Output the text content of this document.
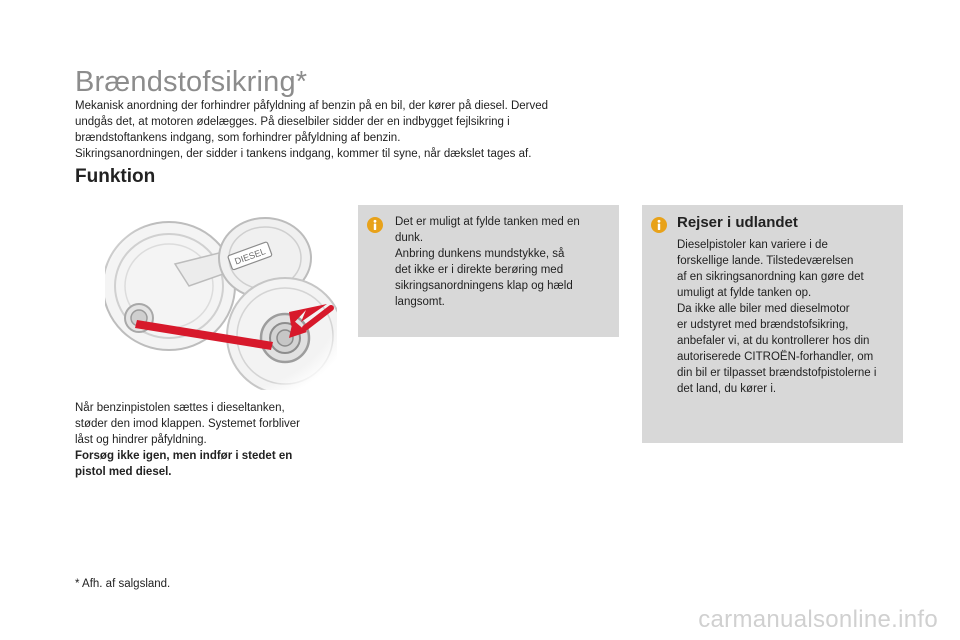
Brændstofsikring*

Mekanisk anordning der forhindrer påfyldning af benzin på en bil, der kører på diesel. Derved

undgås det, at motoren ødelægges. På dieselbiler sidder der en indbygget fejlsikring i

brændstoftankens indgang, som forhindrer påfyldning af benzin.

Sikringsanordningen, der sidder i tankens indgang, kommer til syne, når dækslet tages af.

Funktion

Når benzinpistolen sættes i dieseltanken,

støder den imod klappen. Systemet forbliver

låst og hindrer påfyldning.

Forsøg ikke igen, men indfør i stedet en

pistol med diesel.

Det er muligt at fylde tanken med en

dunk.

Anbring dunkens mundstykke, så

det ikke er i direkte berøring med

sikringsanordningens klap og hæld

langsomt.

Rejser i udlandet

Dieselpistoler kan variere i de

forskellige lande. Tilstedeværelsen

af en sikringsanordning kan gøre det

umuligt at fylde tanken op.

Da ikke alle biler med dieselmotor

er udstyret med brændstofsikring,

anbefaler vi, at du kontrollerer hos din

autoriserede CITROËN-forhandler, om

din bil er tilpasset brændstofpistolerne i

det land, du kører i.

* Afh. af salgsland.
carmanualsonline.info
